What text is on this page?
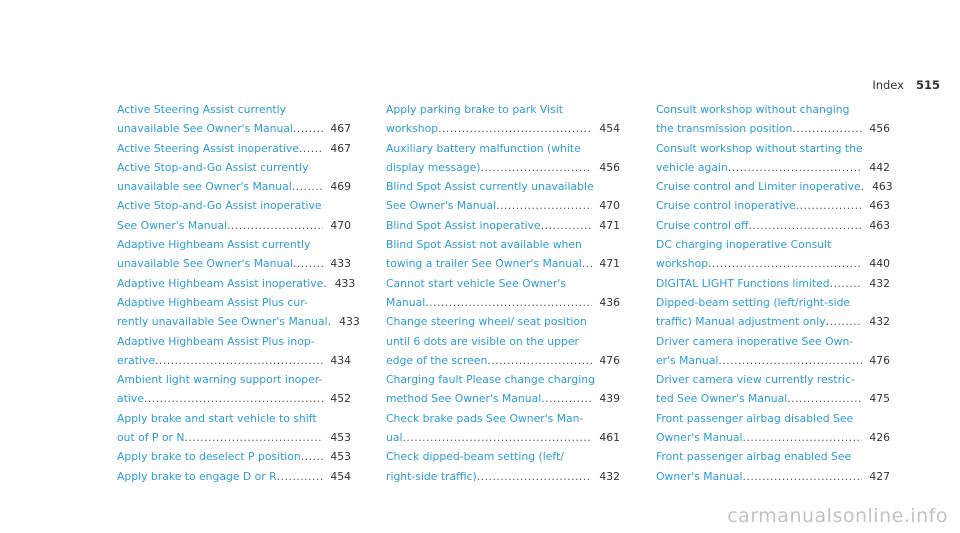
Index 515
Active Steering Assist currently
unavailable See Owner's Manual .....	467
Active Steering Assist inoperative .....	467
Active Stop-and-Go Assist currently
unavailable see Owner's Manual .....	469
Active Stop-and-Go Assist inoperative
See Owner's Manual .....	470
Adaptive Highbeam Assist currently
unavailable See Owner's Manual .....	433
Adaptive Highbeam Assist inoperative .....	433
Adaptive Highbeam Assist Plus cur-
rently unavailable See Owner's Manual .....	433
Adaptive Highbeam Assist Plus inop-
erative .....	434
Ambient light warning support inoper-
ative .....	452
Apply brake and start vehicle to shift
out of P or N .....	453
Apply brake to deselect P position .....	453
Apply brake to engage D or R .....	454
Apply parking brake to park Visit
workshop .....	454
Auxiliary battery malfunction (white
display message) .....	456
Blind Spot Assist currently unavailable
See Owner's Manual .....	470
Blind Spot Assist inoperative .....	471
Blind Spot Assist not available when
towing a trailer See Owner's Manual .....	471
Cannot start vehicle See Owner's
Manual .....	436
Change steering wheel/ seat position
until 6 dots are visible on the upper
edge of the screen .....	476
Charging fault Please change charging
method See Owner's Manual .....	439
Check brake pads See Owner's Man-
ual .....	461
Check dipped-beam setting (left/
right-side traffic) .....	432
Consult workshop without changing
the transmission position .....	456
Consult workshop without starting the
vehicle again .....	442
Cruise control and Limiter inoperative .....	463
Cruise control inoperative .....	463
Cruise control off .....	463
DC charging inoperative Consult
workshop .....	440
DIGITAL LIGHT Functions limited .....	432
Dipped-beam setting (left/right-side
traffic) Manual adjustment only .....	432
Driver camera inoperative See Own-
er's Manual .....	476
Driver camera view currently restric-
ted See Owner's Manual .....	475
Front passenger airbag disabled See
Owner's Manual .....	426
Front passenger airbag enabled See
Owner's Manual .....	427
carmanualsonline.info
